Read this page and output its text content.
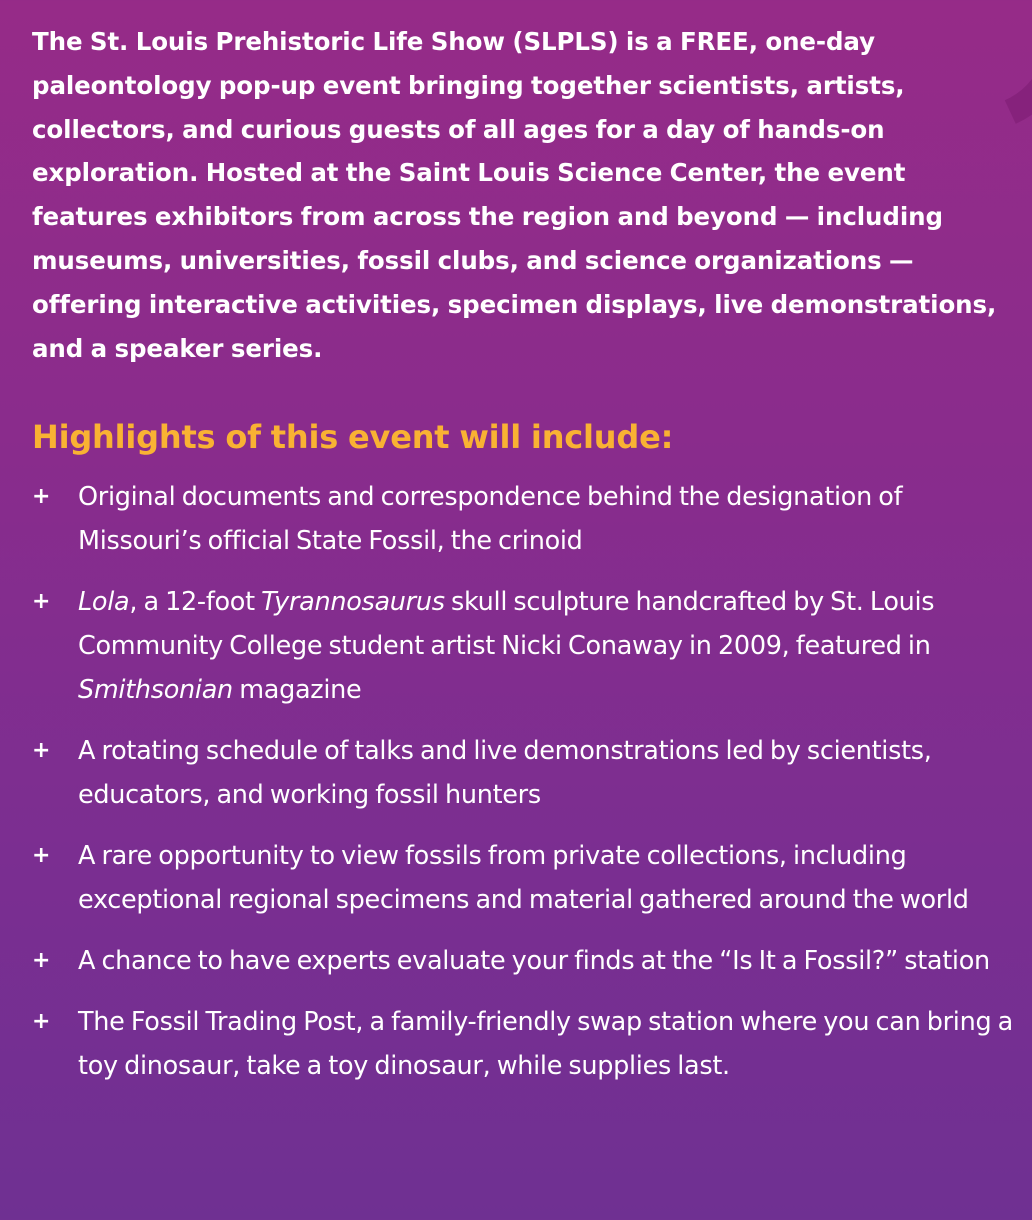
The St. Louis Prehistoric Life Show (SLPLS) is a FREE, one-day paleontology pop-up event bringing together scientists, artists, collectors, and curious guests of all ages for a day of hands-on exploration. Hosted at the Saint Louis Science Center, the event features exhibitors from across the region and beyond — including museums, universities, fossil clubs, and science organizations — offering interactive activities, specimen displays, live demonstrations, and a speaker series.

Highlights of this event will include:
+ Original documents and correspondence behind the designation of Missouri’s official State Fossil, the crinoid
+ Lola, a 12-foot Tyrannosaurus skull sculpture handcrafted by St. Louis Community College student artist Nicki Conaway in 2009, featured in Smithsonian magazine
+ A rotating schedule of talks and live demonstrations led by scientists, educators, and working fossil hunters
+ A rare opportunity to view fossils from private collections, including exceptional regional specimens and material gathered around the world
+ A chance to have experts evaluate your finds at the “Is It a Fossil?” station
+ The Fossil Trading Post, a family-friendly swap station where you can bring a toy dinosaur, take a toy dinosaur, while supplies last.
